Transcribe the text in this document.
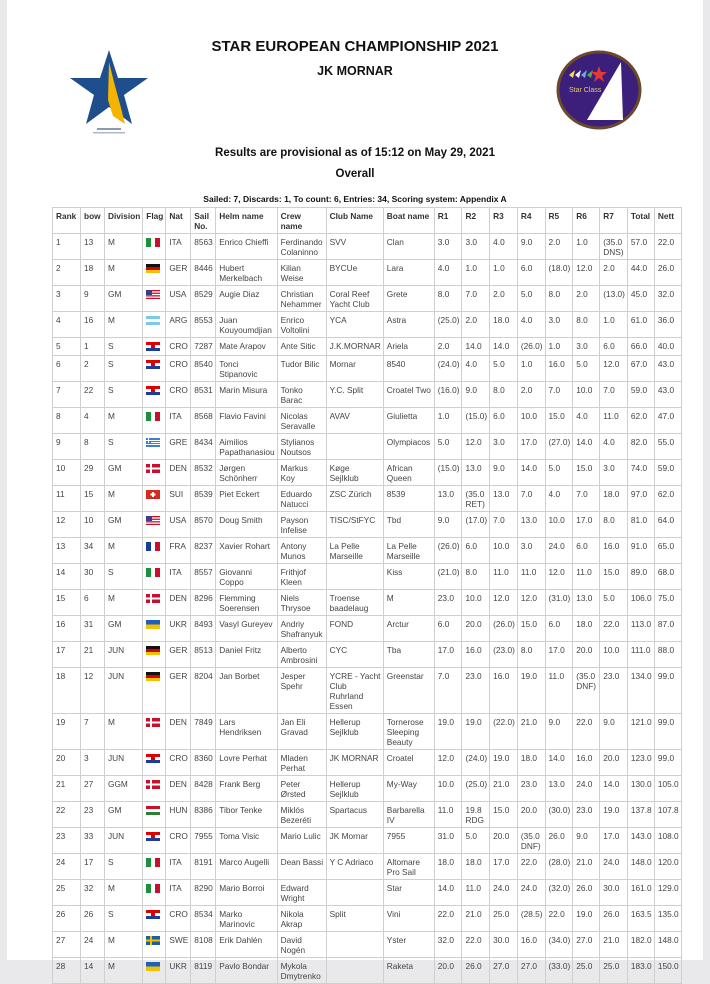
STAR EUROPEAN CHAMPIONSHIP 2021
JK MORNAR
Star Class
Results are provisional as of 15:12 on May 29, 2021
Overall
Sailed: 7, Discards: 1, To count: 6, Entries: 34, Scoring system: Appendix A
Rank	bow	Division	Flag	Nat	Sail No.	Helm name	Crew name	Club Name	Boat name	R1	R2	R3	R4	R5	R6	R7	Total	Nett
1	13	M		ITA	8563	Enrico Chieffi	Ferdinando Colaninno	SVV	Clan	3.0	3.0	4.0	9.0	2.0	1.0	(35.0 DNS)	57.0	22.0
2	18	M		GER	8446	Hubert Merkelbach	Kilian Weise	BYCUe	Lara	4.0	1.0	1.0	6.0	(18.0)	12.0	2.0	44.0	26.0
3	9	GM		USA	8529	Augie Diaz	Christian Nehammer	Coral Reef Yacht Club	Grete	8.0	7.0	2.0	5.0	8.0	2.0	(13.0)	45.0	32.0
4	16	M		ARG	8553	Juan Kouyoumdjian	Enrico Voltolini	YCA	Astra	(25.0)	2.0	18.0	4.0	3.0	8.0	1.0	61.0	36.0
5	1	S		CRO	7287	Mate Arapov	Ante Sitic	J.K.MORNAR	Ariela	2.0	14.0	14.0	(26.0)	1.0	3.0	6.0	66.0	40.0
6	2	S		CRO	8540	Tonci Stipanovic	Tudor Bilic	Mornar	8540	(24.0)	4.0	5.0	1.0	16.0	5.0	12.0	67.0	43.0
7	22	S		CRO	8531	Marin Misura	Tonko Barac	Y.C. Split	Croatel Two	(16.0)	9.0	8.0	2.0	7.0	10.0	7.0	59.0	43.0
8	4	M		ITA	8568	Flavio Favini	Nicolas Seravalle	AVAV	Giulietta	1.0	(15.0)	6.0	10.0	15.0	4.0	11.0	62.0	47.0
9	8	S		GRE	8434	Aimilios Papathanasiou	Stylianos Noutsos		Olympiacos	5.0	12.0	3.0	17.0	(27.0)	14.0	4.0	82.0	55.0
10	29	GM		DEN	8532	Jørgen Schönherr	Markus Koy	Køge Sejlklub	African Queen	(15.0)	13.0	9.0	14.0	5.0	15.0	3.0	74.0	59.0
11	15	M		SUI	8539	Piet Eckert	Eduardo Natucci	ZSC Zürich	8539	13.0	(35.0 RET)	13.0	7.0	4.0	7.0	18.0	97.0	62.0
12	10	GM		USA	8570	Doug Smith	Payson Infelise	TISC/StFYC	Tbd	9.0	(17.0)	7.0	13.0	10.0	17.0	8.0	81.0	64.0
13	34	M		FRA	8237	Xavier Rohart	Antony Munos	La Pelle Marseille	La Pelle Marseille	(26.0)	6.0	10.0	3.0	24.0	6.0	16.0	91.0	65.0
14	30	S		ITA	8557	Giovanni Coppo	Frithjof Kleen		Kiss	(21.0)	8.0	11.0	11.0	12.0	11.0	15.0	89.0	68.0
15	6	M		DEN	8296	Flemming Soerensen	Niels Thrysoe	Troense baadelaug	M	23.0	10.0	12.0	12.0	(31.0)	13.0	5.0	106.0	75.0
16	31	GM		UKR	8493	Vasyl Gureyev	Andriy Shafranyuk	FOND	Arctur	6.0	20.0	(26.0)	15.0	6.0	18.0	22.0	113.0	87.0
17	21	JUN		GER	8513	Daniel Fritz	Alberto Ambrosini	CYC	Tba	17.0	16.0	(23.0)	8.0	17.0	20.0	10.0	111.0	88.0
18	12	JUN		GER	8204	Jan Borbet	Jesper Spehr	YCRE - Yacht Club Ruhrland Essen	Greenstar	7.0	23.0	16.0	19.0	11.0	(35.0 DNF)	23.0	134.0	99.0
19	7	M		DEN	7849	Lars Hendriksen	Jan Eli Gravad	Hellerup Sejlklub	Tornerose Sleeping Beauty	19.0	19.0	(22.0)	21.0	9.0	22.0	9.0	121.0	99.0
20	3	JUN		CRO	8360	Lovre Perhat	Mladen Perhat	JK MORNAR	Croatel	12.0	(24.0)	19.0	18.0	14.0	16.0	20.0	123.0	99.0
21	27	GGM		DEN	8428	Frank Berg	Peter Ørsted	Hellerup Sejlklub	My-Way	10.0	(25.0)	21.0	23.0	13.0	24.0	14.0	130.0	105.0
22	23	GM		HUN	8386	Tibor Tenke	Miklós Bezeréti	Spartacus	Barbarella IV	11.0	19.8 RDG	15.0	20.0	(30.0)	23.0	19.0	137.8	107.8
23	33	JUN		CRO	7955	Toma Visic	Mario Lulic	JK Mornar	7955	31.0	5.0	20.0	(35.0 DNF)	26.0	9.0	17.0	143.0	108.0
24	17	S		ITA	8191	Marco Augelli	Dean Bassi	Y C Adriaco	Altomare Pro Sail	18.0	18.0	17.0	22.0	(28.0)	21.0	24.0	148.0	120.0
25	32	M		ITA	8290	Mario Borroi	Edward Wright		Star	14.0	11.0	24.0	24.0	(32.0)	26.0	30.0	161.0	129.0
26	26	S		CRO	8534	Marko Marinovic	Nikola Akrap	Split	Vini	22.0	21.0	25.0	(28.5)	22.0	19.0	26.0	163.5	135.0
27	24	M		SWE	8108	Erik Dahlén	David Nogén		Yster	32.0	22.0	30.0	16.0	(34.0)	27.0	21.0	182.0	148.0
28	14	M		UKR	8119	Pavlo Bondar	Mykola Dmytrenko		Raketa	20.0	26.0	27.0	27.0	(33.0)	25.0	25.0	183.0	150.0
